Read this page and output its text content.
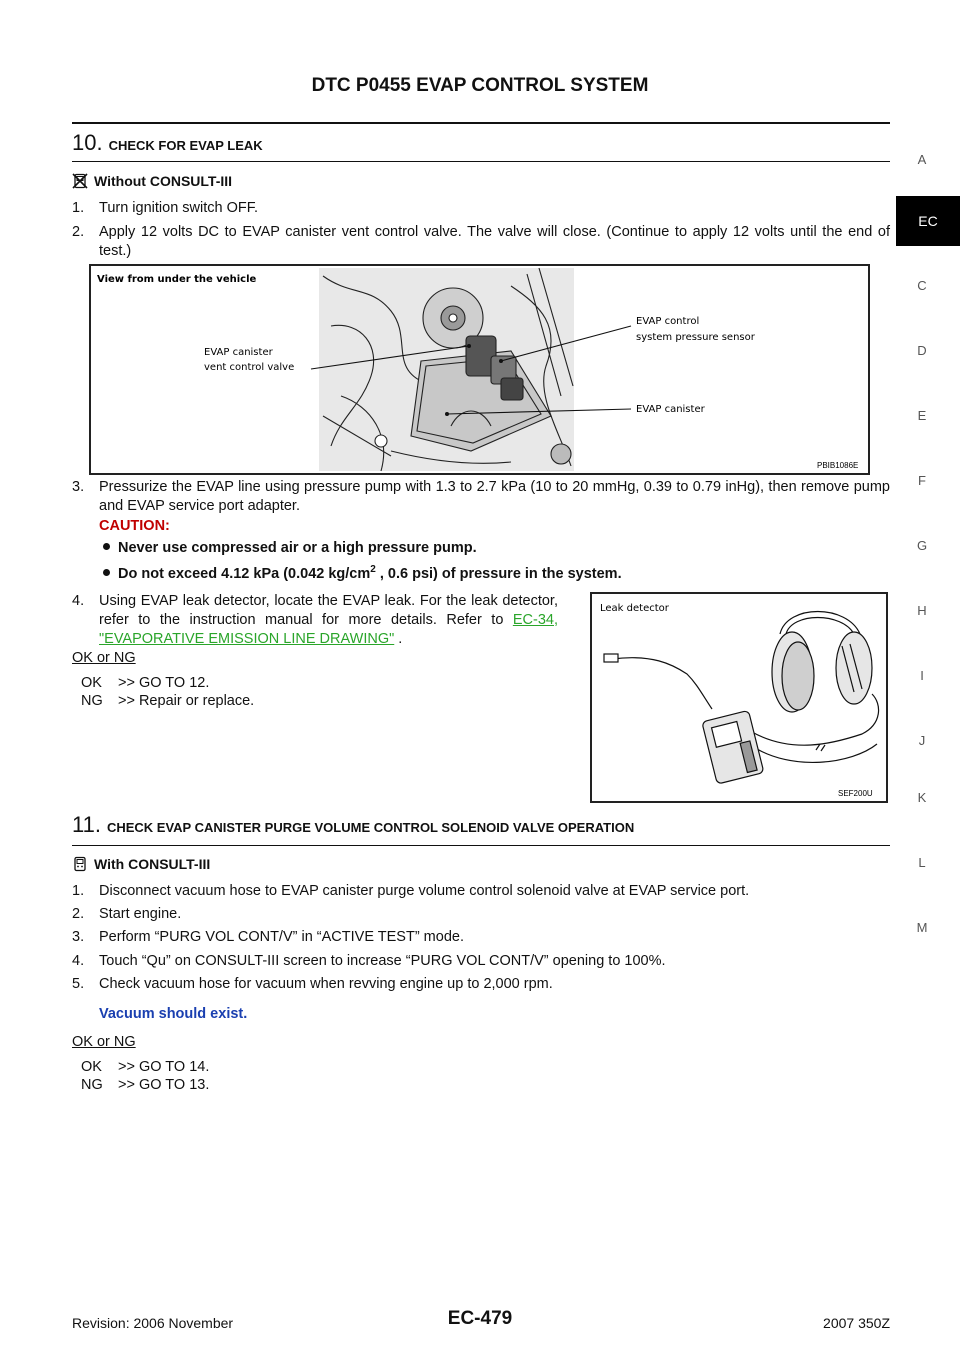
DTC P0455 EVAP CONTROL SYSTEM
A
EC
C
D
E
F
G
H
I
J
K
L
M
10. CHECK FOR EVAP LEAK
Without CONSULT-III
1. Turn ignition switch OFF.
2. Apply 12 volts DC to EVAP canister vent control valve. The valve will close. (Continue to apply 12 volts until the end of test.)
View from under the vehicle
EVAP canister
vent control valve
EVAP control
system pressure sensor
EVAP canister
PBIB1086E
3. Pressurize the EVAP line using pressure pump with 1.3 to 2.7 kPa (10 to 20 mmHg, 0.39 to 0.79 inHg), then remove pump and EVAP service port adapter.
CAUTION:
Never use compressed air or a high pressure pump.
Do not exceed 4.12 kPa (0.042 $kg/cm^2$ , 0.6 psi) of pressure in the system.
4. Using EVAP leak detector, locate the EVAP leak. For the leak detector, refer to the instruction manual for more details. Refer to EC-34, "EVAPORATIVE EMISSION LINE DRAWING" .
Leak detector
SEF200U
OK or NG
OK >> GO TO 12.
NG >> Repair or replace.
11. CHECK EVAP CANISTER PURGE VOLUME CONTROL SOLENOID VALVE OPERATION
With CONSULT-III
1. Disconnect vacuum hose to EVAP canister purge volume control solenoid valve at EVAP service port.
2. Start engine.
3. Perform “PURG VOL CONT/V” in “ACTIVE TEST” mode.
4. Touch “Qu” on CONSULT-III screen to increase “PURG VOL CONT/V” opening to 100%.
5. Check vacuum hose for vacuum when revving engine up to 2,000 rpm.
Vacuum should exist.
OK or NG
OK >> GO TO 14.
NG >> GO TO 13.
Revision: 2006 November	EC-479	2007 350Z
